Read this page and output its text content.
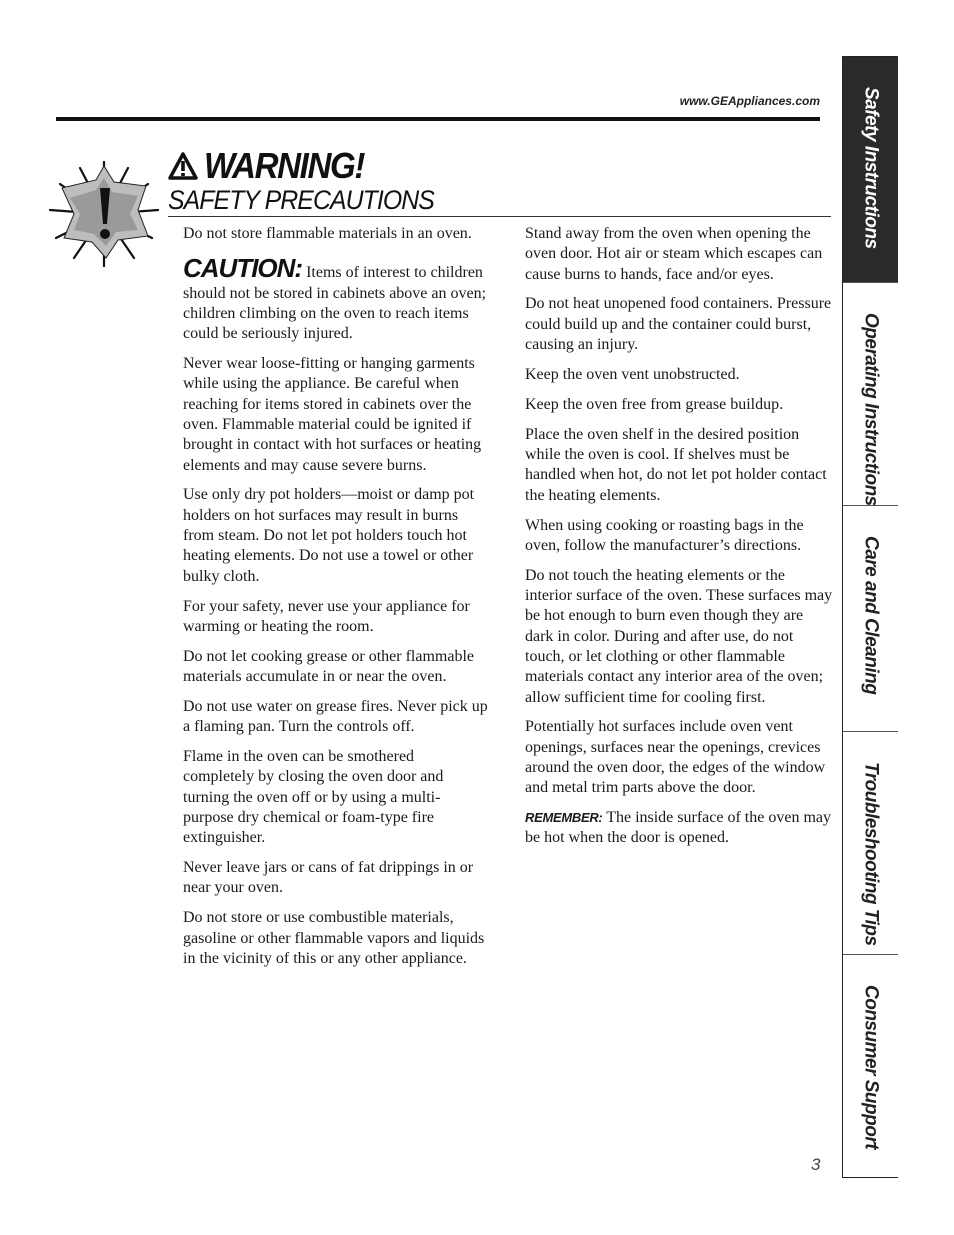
www.GEAppliances.com
WARNING!
SAFETY PRECAUTIONS

Do not store flammable materials in an oven.

CAUTION: Items of interest to children should not be stored in cabinets above an oven; children climbing on the oven to reach items could be seriously injured.

Never wear loose-fitting or hanging garments while using the appliance. Be careful when reaching for items stored in cabinets over the oven. Flammable material could be ignited if brought in contact with hot surfaces or heating elements and may cause severe burns.

Use only dry pot holders—moist or damp pot holders on hot surfaces may result in burns from steam. Do not let pot holders touch hot heating elements. Do not use a towel or other bulky cloth.

For your safety, never use your appliance for warming or heating the room.

Do not let cooking grease or other flammable materials accumulate in or near the oven.

Do not use water on grease fires. Never pick up a flaming pan. Turn the controls off.

Flame in the oven can be smothered completely by closing the oven door and turning the oven off or by using a multi-purpose dry chemical or foam-type fire extinguisher.

Never leave jars or cans of fat drippings in or near your oven.

Do not store or use combustible materials, gasoline or other flammable vapors and liquids in the vicinity of this or any other appliance.

Stand away from the oven when opening the oven door. Hot air or steam which escapes can cause burns to hands, face and/or eyes.

Do not heat unopened food containers. Pressure could build up and the container could burst, causing an injury.

Keep the oven vent unobstructed.

Keep the oven free from grease buildup.

Place the oven shelf in the desired position while the oven is cool. If shelves must be handled when hot, do not let pot holder contact the heating elements.

When using cooking or roasting bags in the oven, follow the manufacturer’s directions.

Do not touch the heating elements or the interior surface of the oven. These surfaces may be hot enough to burn even though they are dark in color. During and after use, do not touch, or let clothing or other flammable materials contact any interior area of the oven; allow sufficient time for cooling first.

Potentially hot surfaces include oven vent openings, surfaces near the openings, crevices around the oven door, the edges of the window and metal trim parts above the door.

REMEMBER: The inside surface of the oven may be hot when the door is opened.

Safety Instructions
Operating Instructions
Care and Cleaning
Troubleshooting Tips
Consumer Support
3
